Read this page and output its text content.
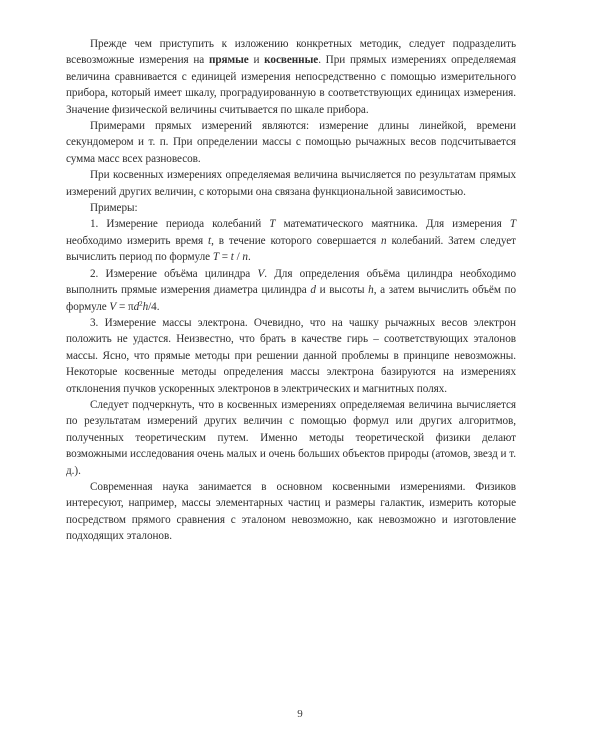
Прежде чем приступить к изложению конкретных методик, следует подразделить всевозможные измерения на прямые и косвенные. При прямых измерениях определяемая величина сравнивается с единицей измерения непосредственно с помощью измерительного прибора, который имеет шкалу, проградуированную в соответствующих единицах измерения. Значение физической величины считывается по шкале прибора.

Примерами прямых измерений являются: измерение длины линейкой, времени секундомером и т. п. При определении массы с помощью рычажных весов подсчитывается сумма масс всех разновесов.

При косвенных измерениях определяемая величина вычисляется по результатам прямых измерений других величин, с которыми она связана функциональной зависимостью.

Примеры:

1. Измерение периода колебаний T математического маятника. Для измерения T необходимо измерить время t, в течение которого совершается n колебаний. Затем следует вычислить период по формуле T = t / n.

2. Измерение объёма цилиндра V. Для определения объёма цилиндра необходимо выполнить прямые измерения диаметра цилиндра d и высоты h, а затем вычислить объём по формуле $V = \pi d^2h/4$.

3. Измерение массы электрона. Очевидно, что на чашку рычажных весов электрон положить не удастся. Неизвестно, что брать в качестве гирь – соответствующих эталонов массы. Ясно, что прямые методы при решении данной проблемы в принципе невозможны. Некоторые косвенные методы определения массы электрона базируются на измерениях отклонения пучков ускоренных электронов в электрических и магнитных полях.

Следует подчеркнуть, что в косвенных измерениях определяемая величина вычисляется по результатам измерений других величин с помощью формул или других алгоритмов, полученных теоретическим путем. Именно методы теоретической физики делают возможными исследования очень малых и очень больших объектов природы (атомов, звезд и т. д.).

Современная наука занимается в основном косвенными измерениями. Физиков интересуют, например, массы элементарных частиц и размеры галактик, измерить которые посредством прямого сравнения с эталоном невозможно, как невозможно и изготовление подходящих эталонов.

9
